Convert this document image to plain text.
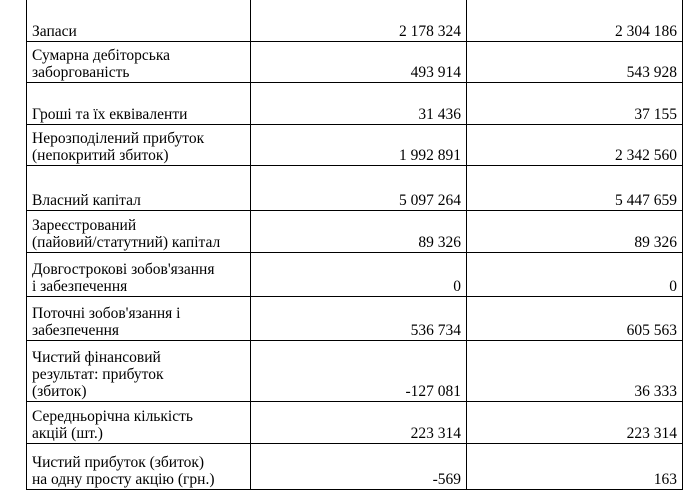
Запаси	2 178 324	2 304 186
Сумарна дебіторська
заборгованість	493 914	543 928
Гроші та їх еквіваленти	31 436	37 155
Нерозподілений прибуток
(непокритий збиток)	1 992 891	2 342 560
Власний капітал	5 097 264	5 447 659
Зареєстрований
(пайовий/статутний) капітал	89 326	89 326
Довгострокові зобов'язання
і забезпечення	0	0
Поточні зобов'язання і
забезпечення	536 734	605 563
Чистий фінансовий
результат: прибуток
(збиток)	-127 081	36 333
Середньорічна кількість
акцій (шт.)	223 314	223 314
Чистий прибуток (збиток)
на одну просту акцію (грн.)	-569	163
